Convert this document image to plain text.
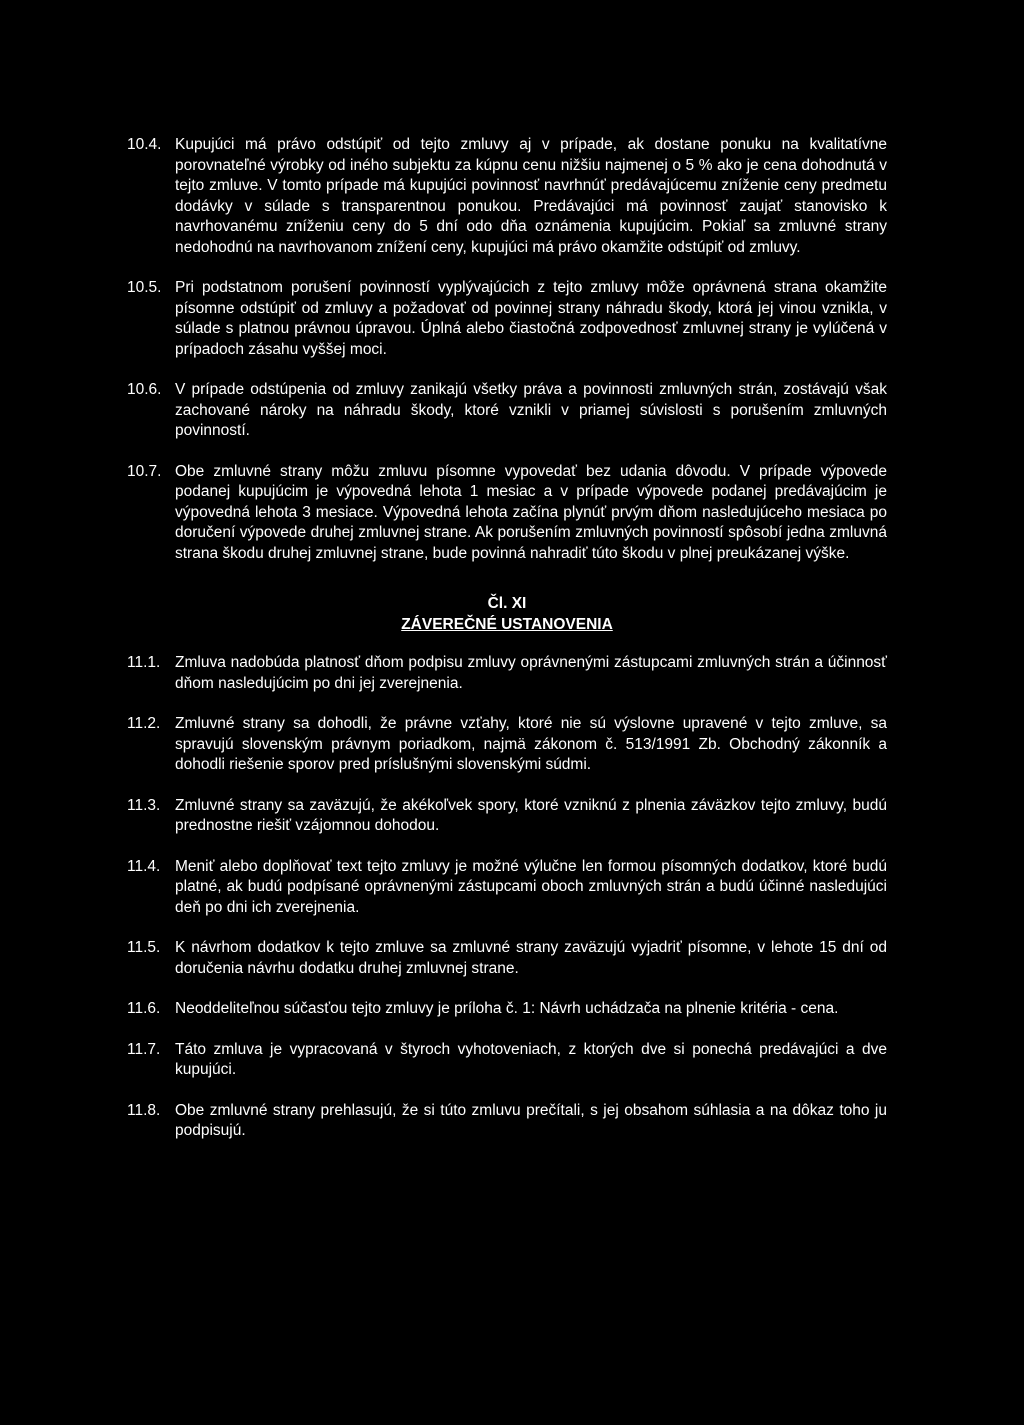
10.4. Kupujúci má právo odstúpiť od tejto zmluvy aj v prípade, ak dostane ponuku na kvalitatívne porovnateľné výrobky od iného subjektu za kúpnu cenu nižšiu najmenej o 5 % ako je cena dohodnutá v tejto zmluve. V tomto prípade má kupujúci povinnosť navrhnúť predávajúcemu zníženie ceny predmetu dodávky v súlade s transparentnou ponukou. Predávajúci má povinnosť zaujať stanovisko k navrhovanému zníženiu ceny do 5 dní odo dňa oznámenia kupujúcim. Pokiaľ sa zmluvné strany nedohodnú na navrhovanom znížení ceny, kupujúci má právo okamžite odstúpiť od zmluvy.
10.5. Pri podstatnom porušení povinností vyplývajúcich z tejto zmluvy môže oprávnená strana okamžite písomne odstúpiť od zmluvy a požadovať od povinnej strany náhradu škody, ktorá jej vinou vznikla, v súlade s platnou právnou úpravou. Úplná alebo čiastočná zodpovednosť zmluvnej strany je vylúčená v prípadoch zásahu vyššej moci.
10.6. V prípade odstúpenia od zmluvy zanikajú všetky práva a povinnosti zmluvných strán, zostávajú však zachované nároky na náhradu škody, ktoré vznikli v priamej súvislosti s porušením zmluvných povinností.
10.7. Obe zmluvné strany môžu zmluvu písomne vypovedať bez udania dôvodu. V prípade výpovede podanej kupujúcim je výpovedná lehota 1 mesiac a v prípade výpovede podanej predávajúcim je výpovedná lehota 3 mesiace. Výpovedná lehota začína plynúť prvým dňom nasledujúceho mesiaca po doručení výpovede druhej zmluvnej strane. Ak porušením zmluvných povinností spôsobí jedna zmluvná strana škodu druhej zmluvnej strane, bude povinná nahradiť túto škodu v plnej preukázanej výške.
Čl. XI
ZÁVEREČNÉ USTANOVENIA
11.1. Zmluva nadobúda platnosť dňom podpisu zmluvy oprávnenými zástupcami zmluvných strán a účinnosť dňom nasledujúcim po dni jej zverejnenia.
11.2. Zmluvné strany sa dohodli, že právne vzťahy, ktoré nie sú výslovne upravené v tejto zmluve, sa spravujú slovenským právnym poriadkom, najmä zákonom č. 513/1991 Zb. Obchodný zákonník a dohodli riešenie sporov pred príslušnými slovenskými súdmi.
11.3. Zmluvné strany sa zaväzujú, že akékoľvek spory, ktoré vzniknú z plnenia záväzkov tejto zmluvy, budú prednostne riešiť vzájomnou dohodou.
11.4. Meniť alebo doplňovať text tejto zmluvy je možné výlučne len formou písomných dodatkov, ktoré budú platné, ak budú podpísané oprávnenými zástupcami oboch zmluvných strán a budú účinné nasledujúci deň po dni ich zverejnenia.
11.5. K návrhom dodatkov k tejto zmluve sa zmluvné strany zaväzujú vyjadriť písomne, v lehote 15 dní od doručenia návrhu dodatku druhej zmluvnej strane.
11.6. Neoddeliteľnou súčasťou tejto zmluvy je príloha č. 1: Návrh uchádzača na plnenie kritéria - cena.
11.7. Táto zmluva je vypracovaná v štyroch vyhotoveniach, z ktorých dve si ponechá predávajúci a dve kupujúci.
11.8. Obe zmluvné strany prehlasujú, že si túto zmluvu prečítali, s jej obsahom súhlasia a na dôkaz toho ju podpisujú.
